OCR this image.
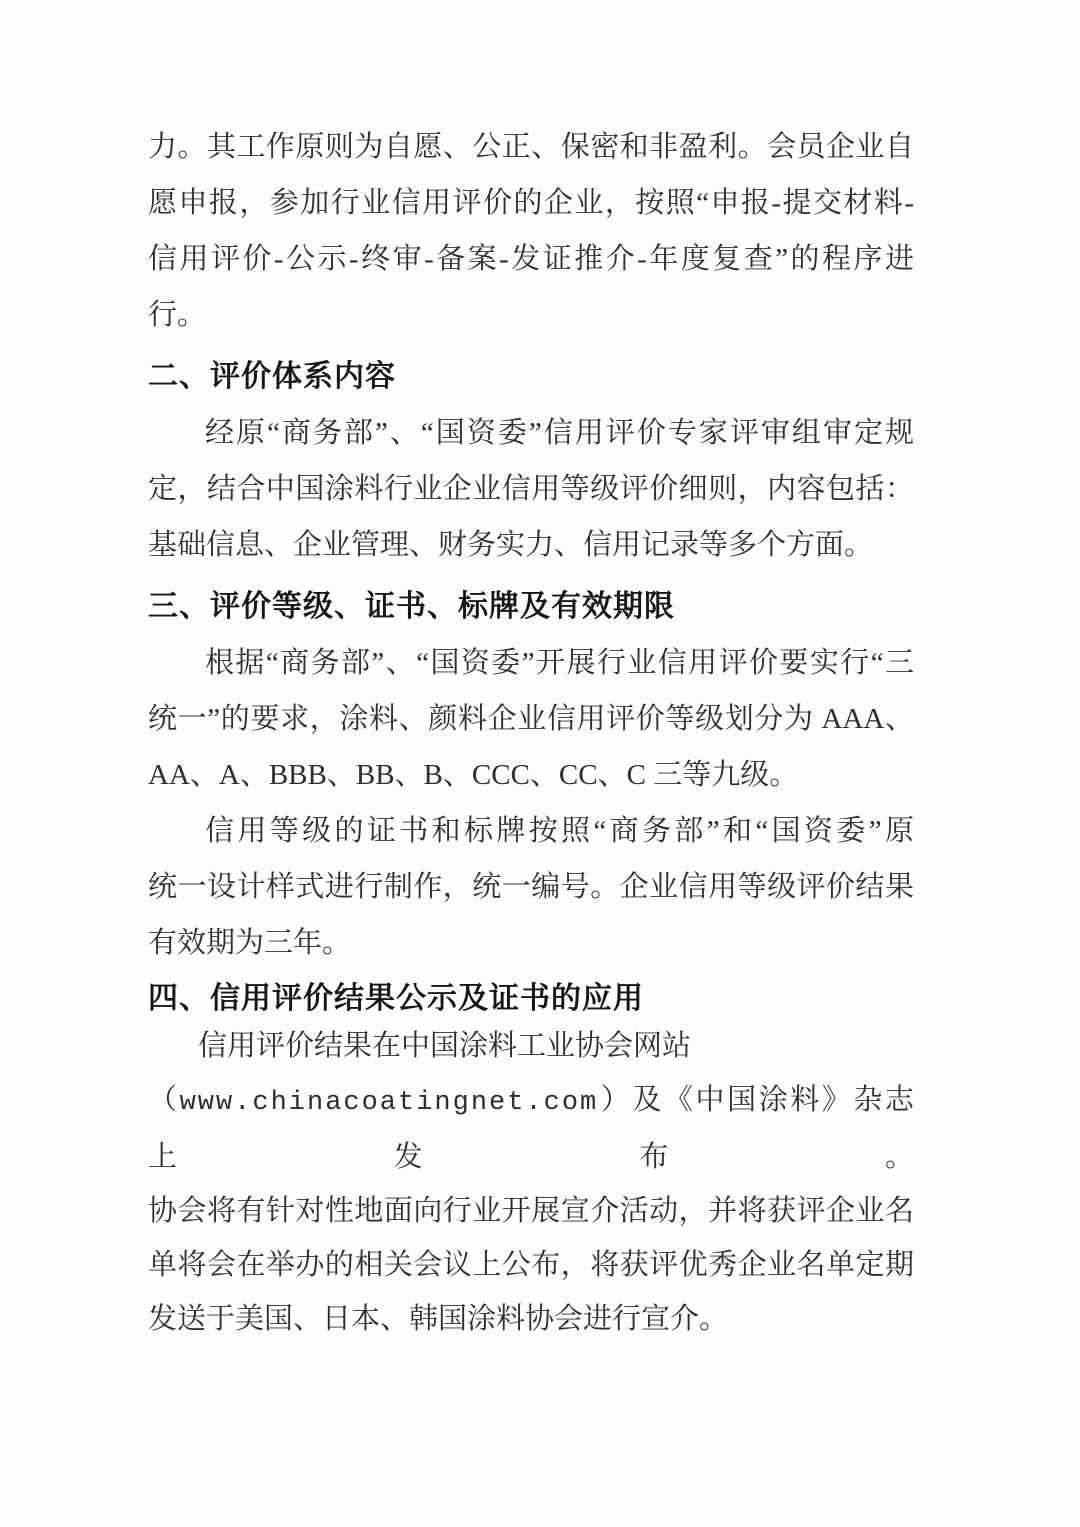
力。其工作原则为自愿、公正、保密和非盈利。会员企业自
愿申报，参加行业信用评价的企业，按照“申报-提交材料-
信用评价-公示-终审-备案-发证推介-年度复查”的程序进
行。
二、评价体系内容
经原“商务部”、“国资委”信用评价专家评审组审定规
定，结合中国涂料行业企业信用等级评价细则，内容包括：
基础信息、企业管理、财务实力、信用记录等多个方面。
三、评价等级、证书、标牌及有效期限
根据“商务部”、“国资委”开展行业信用评价要实行“三
统一”的要求，涂料、颜料企业信用评价等级划分为 AAA、
AA、A、BBB、BB、B、CCC、CC、C 三等九级。
信用等级的证书和标牌按照“商务部”和“国资委”原
统一设计样式进行制作，统一编号。企业信用等级评价结果
有效期为三年。
四、信用评价结果公示及证书的应用
信用评价结果在中国涂料工业协会网站
（www.chinacoatingnet.com）及《中国涂料》杂志上发布。
协会将有针对性地面向行业开展宣介活动，并将获评企业名
单将会在举办的相关会议上公布，将获评优秀企业名单定期
发送于美国、日本、韩国涂料协会进行宣介。
